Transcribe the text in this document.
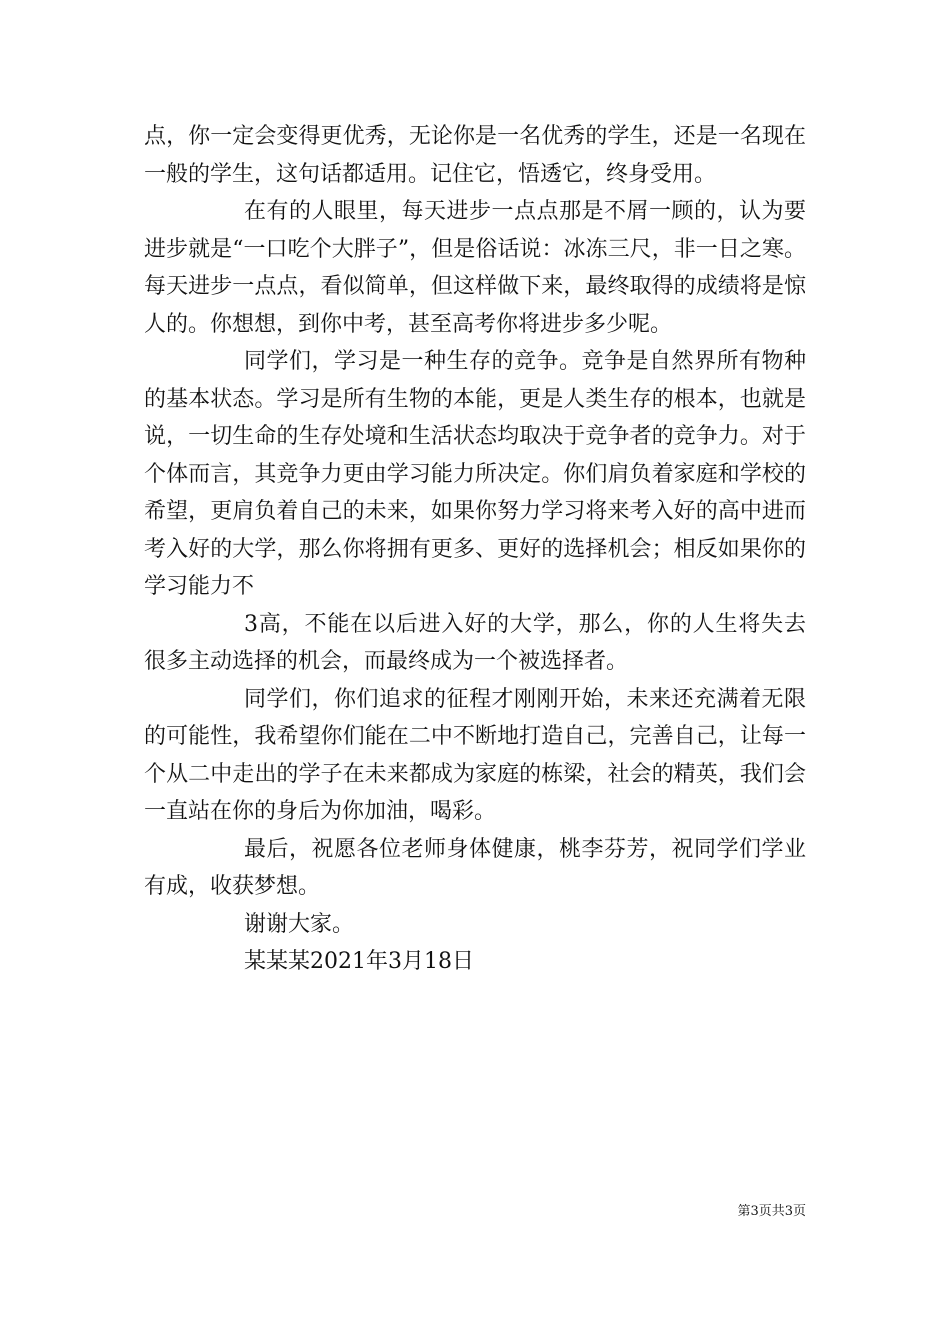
点，你一定会变得更优秀，无论你是一名优秀的学生，还是一名现在一般的学生，这句话都适用。记住它，悟透它，终身受用。

在有的人眼里，每天进步一点点那是不屑一顾的，认为要进步就是“一口吃个大胖子”，但是俗话说：冰冻三尺，非一日之寒。每天进步一点点，看似简单，但这样做下来，最终取得的成绩将是惊人的。你想想，到你中考，甚至高考你将进步多少呢。

同学们，学习是一种生存的竞争。竞争是自然界所有物种的基本状态。学习是所有生物的本能，更是人类生存的根本，也就是说，一切生命的生存处境和生活状态均取决于竞争者的竞争力。对于个体而言，其竞争力更由学习能力所决定。你们肩负着家庭和学校的希望，更肩负着自己的未来，如果你努力学习将来考入好的高中进而考入好的大学，那么你将拥有更多、更好的选择机会；相反如果你的学习能力不

3高，不能在以后进入好的大学，那么，你的人生将失去很多主动选择的机会，而最终成为一个被选择者。

同学们，你们追求的征程才刚刚开始，未来还充满着无限的可能性，我希望你们能在二中不断地打造自己，完善自己，让每一个从二中走出的学子在未来都成为家庭的栋梁，社会的精英，我们会一直站在你的身后为你加油，喝彩。

最后，祝愿各位老师身体健康，桃李芬芳，祝同学们学业有成，收获梦想。

谢谢大家。

某某某2021年3月18日

第3页共3页
